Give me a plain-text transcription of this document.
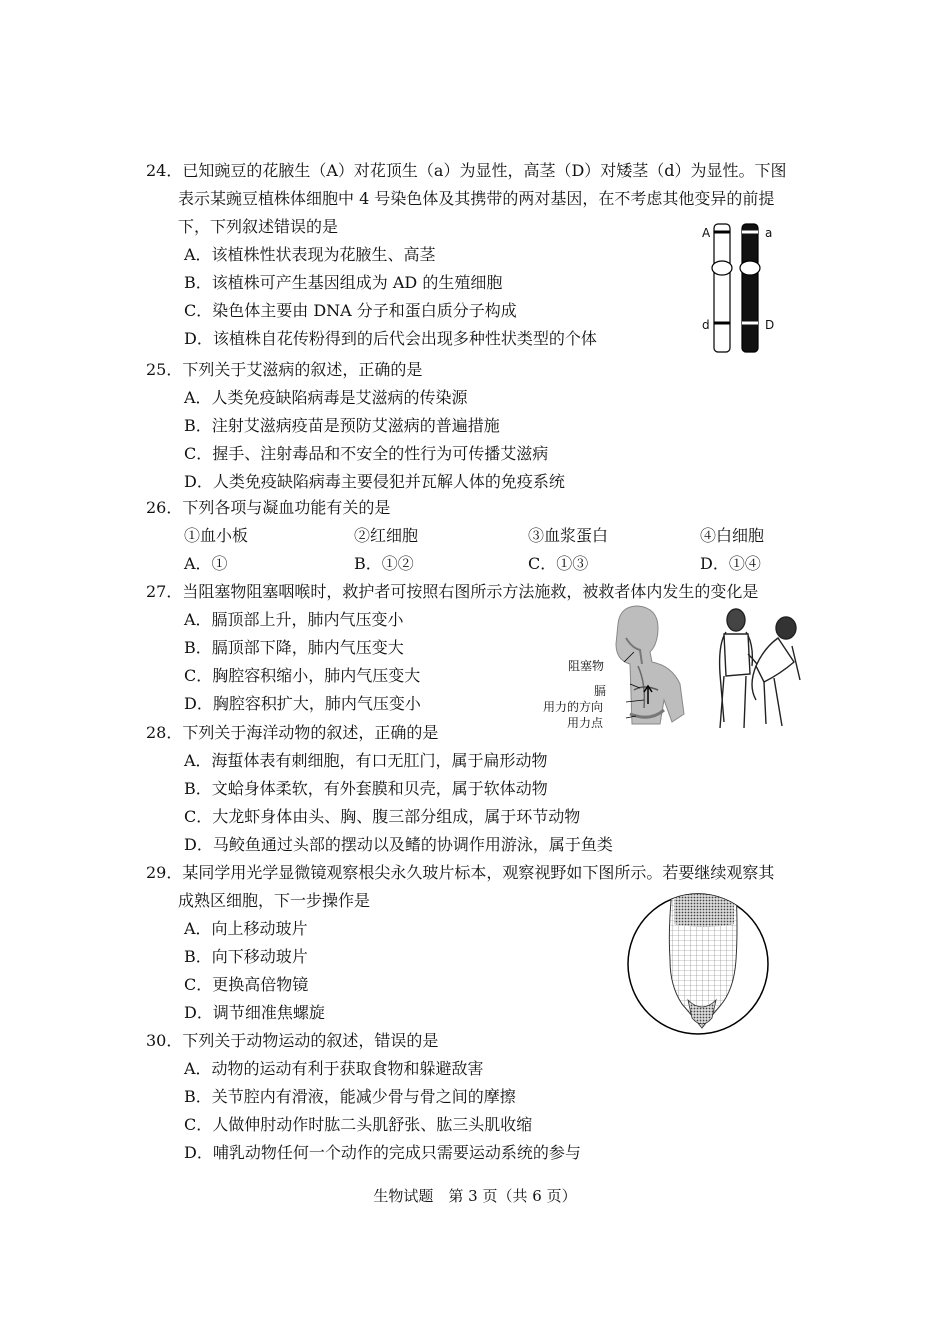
24．已知豌豆的花腋生（A）对花顶生（a）为显性，高茎（D）对矮茎（d）为显性。下图
表示某豌豆植株体细胞中 4 号染色体及其携带的两对基因，在不考虑其他变异的前提
下，下列叙述错误的是
A．该植株性状表现为花腋生、高茎
B．该植株可产生基因组成为 AD 的生殖细胞
C．染色体主要由 DNA 分子和蛋白质分子构成
D．该植株自花传粉得到的后代会出现多种性状类型的个体
A	a
d	D
25．下列关于艾滋病的叙述，正确的是
A．人类免疫缺陷病毒是艾滋病的传染源
B．注射艾滋病疫苗是预防艾滋病的普遍措施
C．握手、注射毒品和不安全的性行为可传播艾滋病
D．人类免疫缺陷病毒主要侵犯并瓦解人体的免疫系统
26．下列各项与凝血功能有关的是
①血小板	②红细胞	③血浆蛋白	④白细胞
A．①	B．①②	C．①③	D．①④
27．当阻塞物阻塞咽喉时，救护者可按照右图所示方法施救，被救者体内发生的变化是
A．膈顶部上升，肺内气压变小
B．膈顶部下降，肺内气压变大
C．胸腔容积缩小，肺内气压变大
D．胸腔容积扩大，肺内气压变小
阻塞物
膈
用力的方向
用力点
28．下列关于海洋动物的叙述，正确的是
A．海蜇体表有刺细胞，有口无肛门，属于扁形动物
B．文蛤身体柔软，有外套膜和贝壳，属于软体动物
C．大龙虾身体由头、胸、腹三部分组成，属于环节动物
D．马鲛鱼通过头部的摆动以及鳍的协调作用游泳，属于鱼类
29．某同学用光学显微镜观察根尖永久玻片标本，观察视野如下图所示。若要继续观察其
成熟区细胞，下一步操作是
A．向上移动玻片
B．向下移动玻片
C．更换高倍物镜
D．调节细准焦螺旋
30．下列关于动物运动的叙述，错误的是
A．动物的运动有利于获取食物和躲避敌害
B．关节腔内有滑液，能减少骨与骨之间的摩擦
C．人做伸肘动作时肱二头肌舒张、肱三头肌收缩
D．哺乳动物任何一个动作的完成只需要运动系统的参与
生物试题　第 3 页（共 6 页）
